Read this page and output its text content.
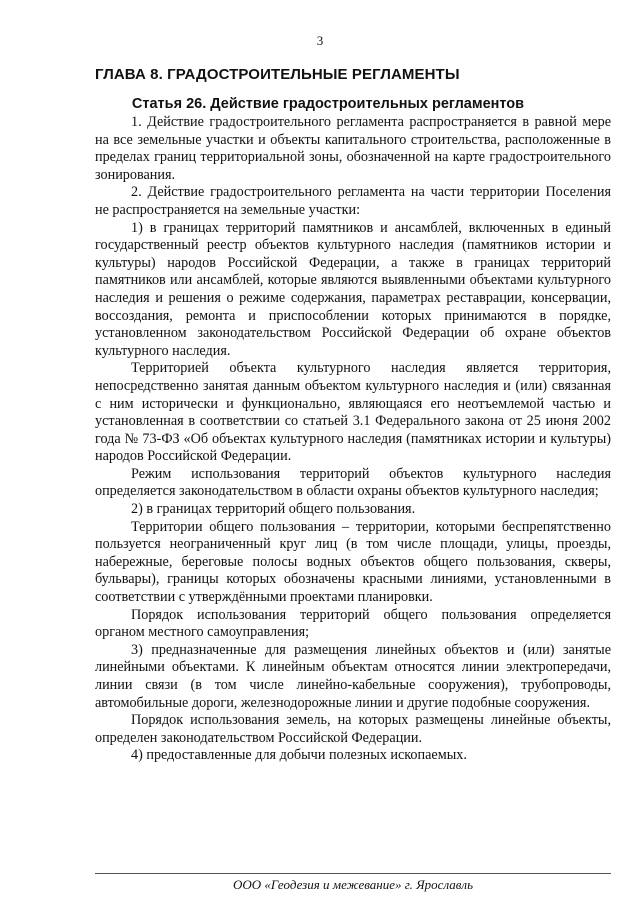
3
ГЛАВА 8. ГРАДОСТРОИТЕЛЬНЫЕ РЕГЛАМЕНТЫ
Статья 26. Действие градостроительных регламентов

1. Действие градостроительного регламента распространяется в равной мере на все земельные участки и объекты капитального строительства, расположенные в пределах границ территориальной зоны, обозначенной на карте градостроительного зонирования.

2. Действие градостроительного регламента на части территории Поселения не распространяется на земельные участки:

1) в границах территорий памятников и ансамблей, включенных в единый государственный реестр объектов культурного наследия (памятников истории и культуры) народов Российской Федерации, а также в границах территорий памятников или ансамблей, которые являются выявленными объектами культурного наследия и решения о режиме содержания, параметрах реставрации, консервации, воссоздания, ремонта и приспособлении которых принимаются в порядке, установленном законодательством Российской Федерации об охране объектов культурного наследия.

Территорией объекта культурного наследия является территория, непосредственно занятая данным объектом культурного наследия и (или) связанная с ним исторически и функционально, являющаяся его неотъемлемой частью и установленная в соответствии со статьей 3.1 Федерального закона от 25 июня 2002 года № 73-ФЗ «Об объектах культурного наследия (памятниках истории и культуры) народов Российской Федерации.

Режим использования территорий объектов культурного наследия определяется законодательством в области охраны объектов культурного наследия;

2) в границах территорий общего пользования.

Территории общего пользования – территории, которыми беспрепятственно пользуется неограниченный круг лиц (в том числе площади, улицы, проезды, набережные, береговые полосы водных объектов общего пользования, скверы, бульвары), границы которых обозначены красными линиями, установленными в соответствии с утверждёнными проектами планировки.

Порядок использования территорий общего пользования определяется органом местного самоуправления;

3) предназначенные для размещения линейных объектов и (или) занятые линейными объектами. К линейным объектам относятся линии электропередачи, линии связи (в том числе линейно-кабельные сооружения), трубопроводы, автомобильные дороги, железнодорожные линии и другие подобные сооружения.

Порядок использования земель, на которых размещены линейные объекты, определен законодательством Российской Федерации.

4) предоставленные для добычи полезных ископаемых.

ООО «Геодезия и межевание» г. Ярославль
